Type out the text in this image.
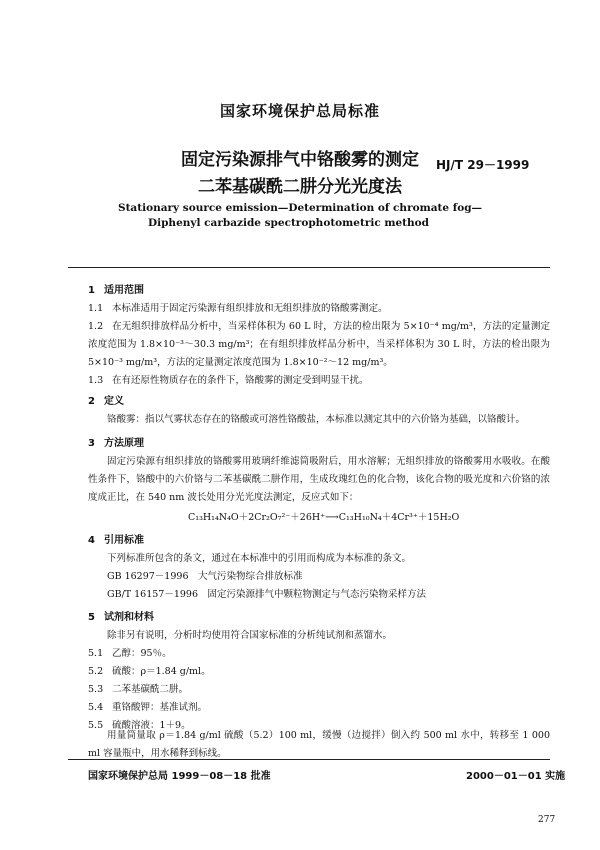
国家环境保护总局标准
固定污染源排气中铬酸雾的测定
二苯基碳酰二肼分光光度法
HJ/T 29－1999
Stationary source emission—Determination of chromate fog—
Diphenyl carbazide spectrophotometric method
1 适用范围
1.1 本标准适用于固定污染源有组织排放和无组织排放的铬酸雾测定。
1.2 在无组织排放样品分析中，当采样体积为 60 L 时，方法的检出限为 5×10⁻⁴ mg/m³，方法的定量测定浓度范围为 1.8×10⁻³～30.3 mg/m³；在有组织排放样品分析中，当采样体积为 30 L 时，方法的检出限为 5×10⁻³ mg/m³，方法的定量测定浓度范围为 1.8×10⁻²～12 mg/m³。
1.3 在有还原性物质存在的条件下，铬酸雾的测定受到明显干扰。
2 定义
铬酸雾：指以气雾状态存在的铬酸或可溶性铬酸盐，本标准以测定其中的六价铬为基础，以铬酸计。
3 方法原理
固定污染源有组织排放的铬酸雾用玻璃纤维滤筒吸附后，用水溶解；无组织排放的铬酸雾用水吸收。在酸性条件下，铬酸中的六价铬与二苯基碳酰二肼作用，生成玫瑰红色的化合物，该化合物的吸光度和六价铬的浓度成正比，在 540 nm 波长处用分光光度法测定，反应式如下：
C₁₃H₁₄N₄O＋2Cr₂O₇²⁻＋26H⁺⟶C₁₃H₁₀N₄＋4Cr³⁺＋15H₂O
4 引用标准
下列标准所包含的条文，通过在本标准中的引用而构成为本标准的条文。
GB 16297－1996　大气污染物综合排放标准
GB/T 16157－1996　固定污染源排气中颗粒物测定与气态污染物采样方法
5 试剂和材料
除非另有说明，分析时均使用符合国家标准的分析纯试剂和蒸馏水。
5.1 乙醇：95％。
5.2 硫酸：ρ＝1.84 g/ml。
5.3 二苯基碳酰二肼。
5.4 重铬酸钾：基准试剂。
5.5 硫酸溶液：1＋9。
用量筒量取 ρ＝1.84 g/ml 硫酸（5.2）100 ml，缓慢（边搅拌）倒入约 500 ml 水中，转移至 1 000 ml 容量瓶中，用水稀释到标线。
国家环境保护总局 1999－08－18 批准	2000－01－01 实施
277
